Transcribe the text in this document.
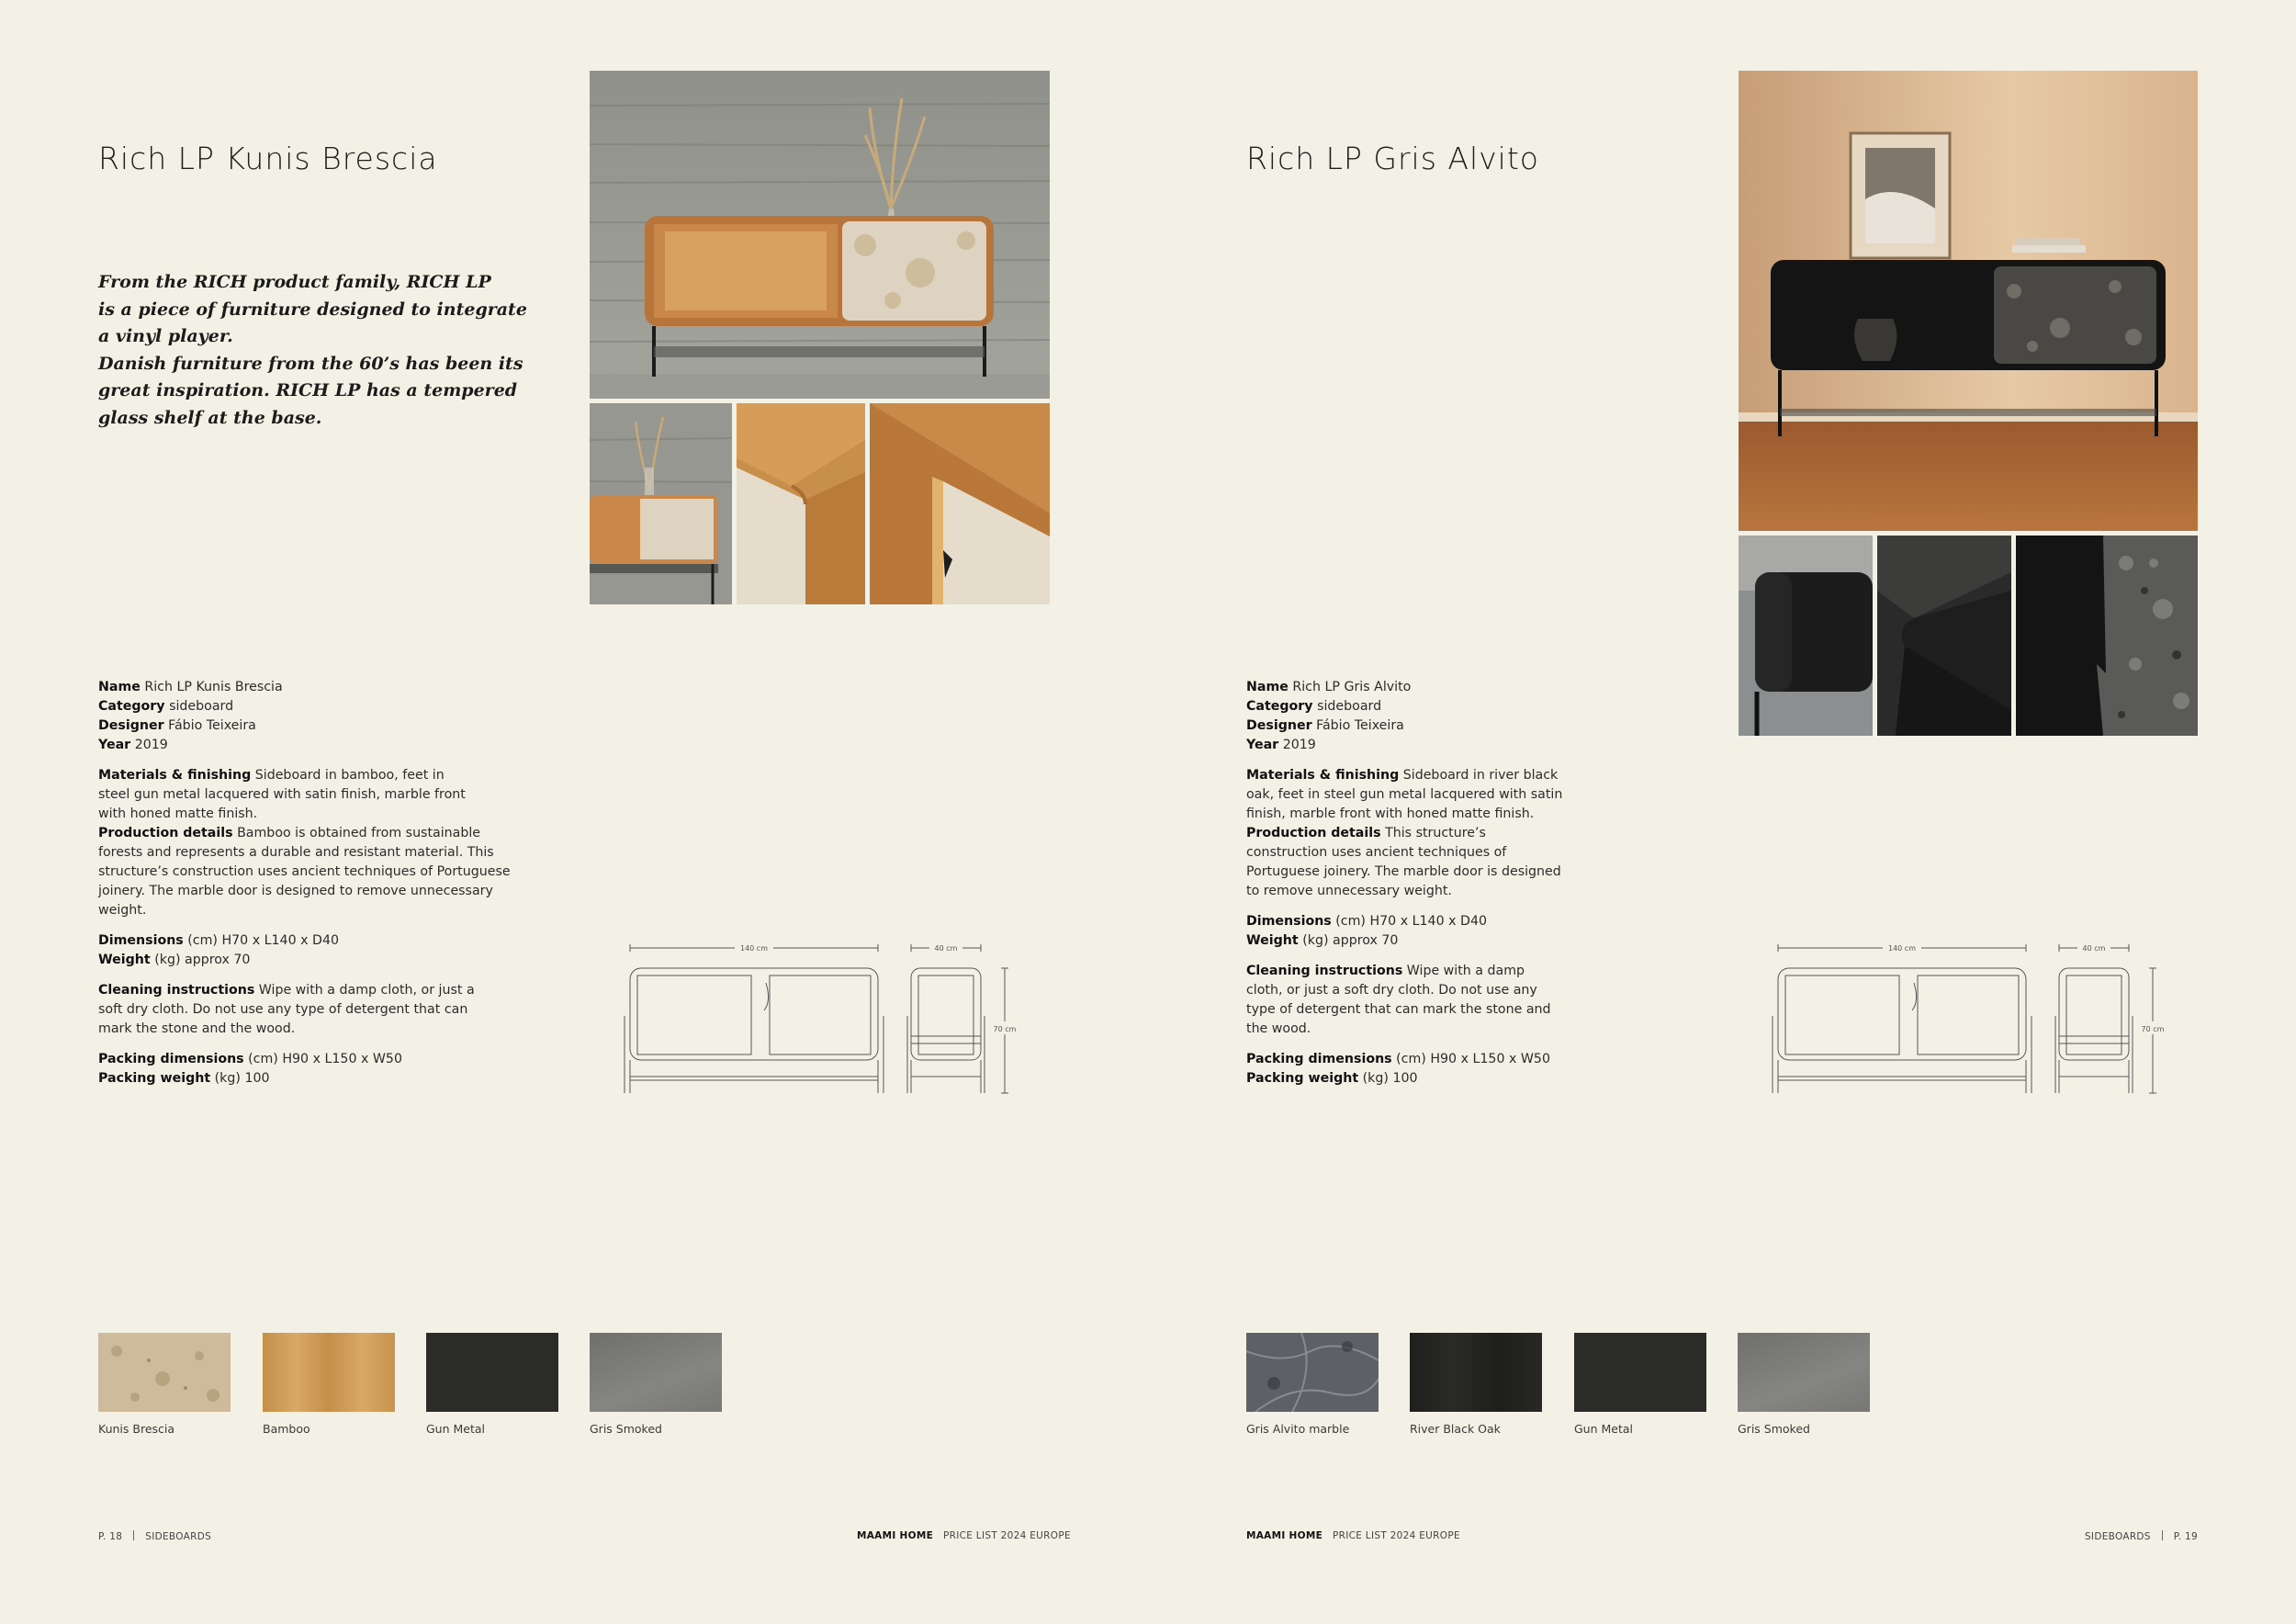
Rich LP Kunis Brescia
From the RICH product family, RICH LP
is a piece of furniture designed to integrate
a vinyl player.
Danish furniture from the 60’s has been its
great inspiration. RICH LP has a tempered
glass shelf at the base.
Name Rich LP Kunis Brescia
Category sideboard
Designer Fábio Teixeira
Year 2019
Materials & finishing Sideboard in bamboo, feet in steel gun metal lacquered with satin finish, marble front with honed matte finish.
Production details Bamboo is obtained from sustainable forests and represents a durable and resistant material. This structure’s construction uses ancient techniques of Portuguese joinery. The marble door is designed to remove unnecessary weight.
Dimensions (cm) H70 x L140 x D40
Weight (kg) approx 70
Cleaning instructions Wipe with a damp cloth, or just a soft dry cloth. Do not use any type of detergent that can mark the stone and the wood.
Packing dimensions (cm) H90 x L150 x W50
Packing weight (kg) 100
140 cm	40 cm
70 cm
Kunis Brescia	Bamboo	Gun Metal	Gris Smoked
P. 18 SIDEBOARDS	MAAMI HOME PRICE LIST 2024 EUROPE
Rich LP Gris Alvito
Name Rich LP Gris Alvito
Category sideboard
Designer Fábio Teixeira
Year 2019
Materials & finishing Sideboard in river black oak, feet in steel gun metal lacquered with satin finish, marble front with honed matte finish.
Production details This structure’s construction uses ancient techniques of Portuguese joinery. The marble door is designed to remove unnecessary weight.
Dimensions (cm) H70 x L140 x D40
Weight (kg) approx 70
Cleaning instructions Wipe with a damp cloth, or just a soft dry cloth. Do not use any type of detergent that can mark the stone and the wood.
Packing dimensions (cm) H90 x L150 x W50
Packing weight (kg) 100
140 cm	40 cm
70 cm
Gris Alvito marble	River Black Oak	Gun Metal	Gris Smoked
MAAMI HOME PRICE LIST 2024 EUROPE	SIDEBOARDS P. 19
